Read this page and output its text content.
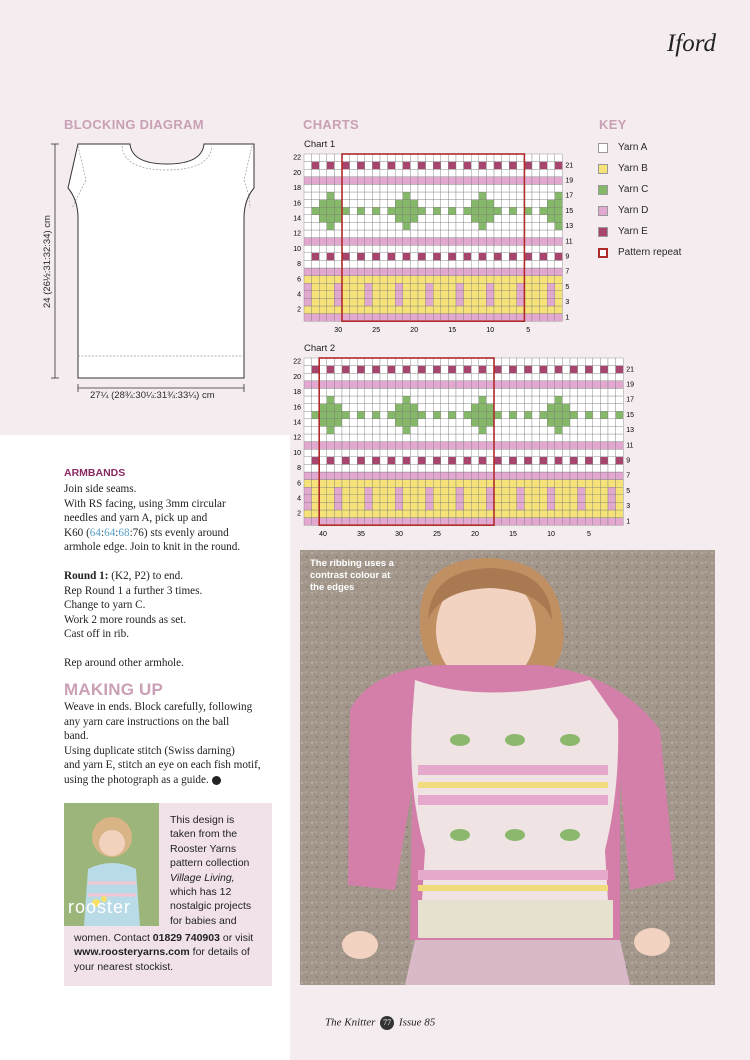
Iford
BLOCKING DIAGRAM	CHARTS	KEY
24 (26½:31:32:34) cm
27¼ (28¾:30¼:31¾:33¼) cm
Chart 1
22
20
18
16
14
12
10
8
6
4
2
21
19
17
15
13
11
9
7
5
3
1
30	25	20	15	10	5
Chart 2
22
20
18
16
14
12
10
8
6
4
2
21
19
17
15
13
11
9
7
5
3
1
40	35	30	25	20	15	10	5
Yarn A
Yarn B
Yarn C
Yarn D
Yarn E
Pattern repeat
ARMBANDS

Join side seams.

With RS facing, using 3mm circular

needles and yarn A, pick up and

K60 (64:64:68:76) sts evenly around

armhole edge. Join to knit in the round.

Round 1: (K2, P2) to end.

Rep Round 1 a further 3 times.

Change to yarn C.

Work 2 more rounds as set.

Cast off in rib.

Rep around other armhole.

MAKING UP

Weave in ends. Block carefully, following

any yarn care instructions on the ball

band.

Using duplicate stitch (Swiss darning)

and yarn E, stitch an eye on each fish motif,

using the photograph as a guide.

rooster
This design is
taken from the
Rooster Yarns
pattern collection
Village Living,
which has 12
nostalgic projects
for babies and
women. Contact 01829 740903 or visit www.roosteryarns.com for details of your nearest stockist.
The ribbing uses a contrast colour at the edges
The Knitter 77 Issue 85
